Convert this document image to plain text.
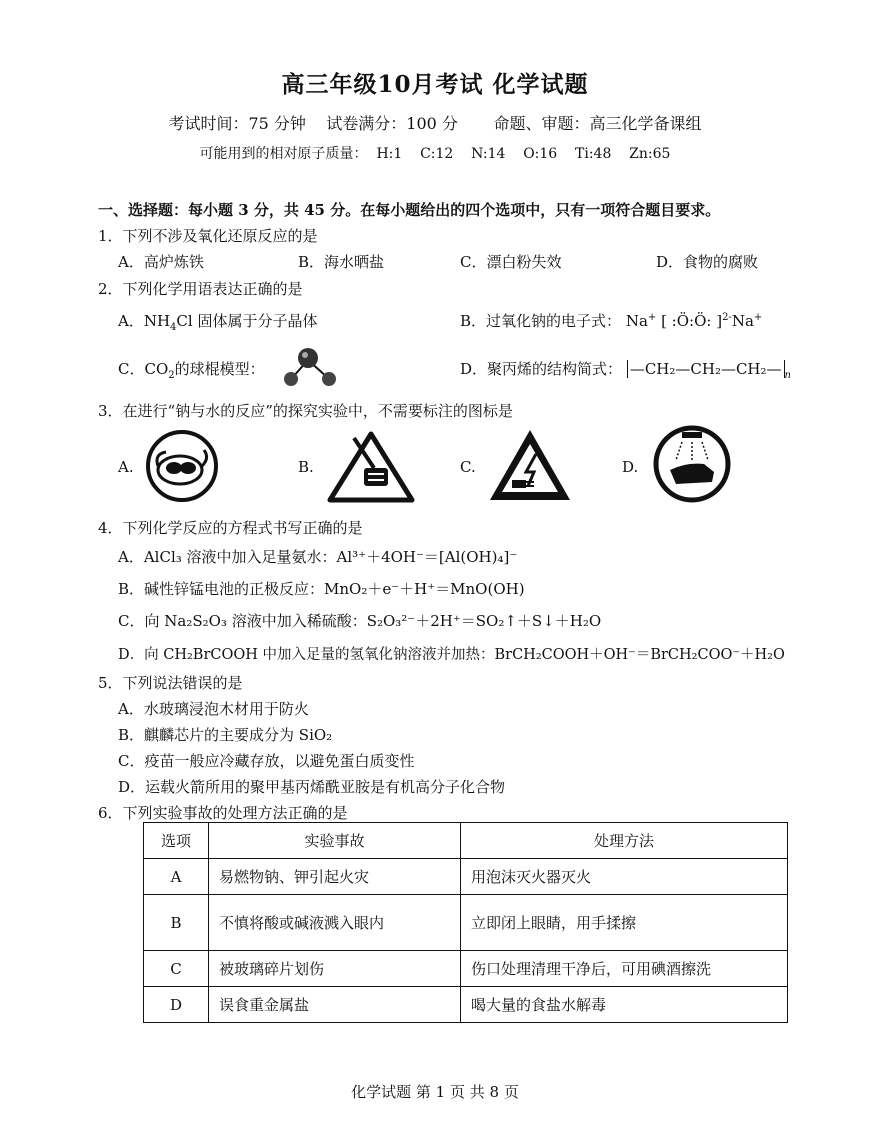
高三年级10月考试 化学试题
考试时间：75 分钟    试卷满分：100 分       命题、审题：高三化学备课组
可能用到的相对原子质量：  H:1    C:12    N:14    O:16    Ti:48    Zn:65
一、选择题：每小题 3 分，共 45 分。在每小题给出的四个选项中，只有一项符合题目要求。
1．下列不涉及氧化还原反应的是
A．高炉炼铁	B．海水晒盐	C．漂白粉失效	D．食物的腐败
2．下列化学用语表达正确的是
A．$NH_4Cl$ 固体属于分子晶体	B．过氧化钠的电子式： Na+ [ :Ö:Ö: ]$^{2-}$Na+
C．$CO_2$的球棍模型：	D．聚丙烯的结构简式： —CH₂—CH₂—CH₂— $_n$
3．在进行“钠与水的反应”的探究实验中，不需要标注的图标是
A.	B.	C.	D.
4．下列化学反应的方程式书写正确的是
A．AlCl₃ 溶液中加入足量氨水：Al³⁺＋4OH⁻＝[Al(OH)₄]⁻
B．碱性锌锰电池的正极反应：MnO₂＋e⁻＋H⁺＝MnO(OH)
C．向 Na₂S₂O₃ 溶液中加入稀硫酸：S₂O₃²⁻＋2H⁺＝SO₂↑＋S↓＋H₂O
D．向 CH₂BrCOOH 中加入足量的氢氧化钠溶液并加热：BrCH₂COOH＋OH⁻＝BrCH₂COO⁻＋H₂O
5．下列说法错误的是
A．水玻璃浸泡木材用于防火
B．麒麟芯片的主要成分为 SiO₂
C．疫苗一般应冷藏存放，以避免蛋白质变性
D．运载火箭所用的聚甲基丙烯酰亚胺是有机高分子化合物
6．下列实验事故的处理方法正确的是
选项	实验事故	处理方法
A	易燃物钠、钾引起火灾	用泡沫灭火器灭火
B	不慎将酸或碱液溅入眼内	立即闭上眼睛，用手揉擦
C	被玻璃碎片划伤	伤口处理清理干净后，可用碘酒擦洗
D	误食重金属盐	喝大量的食盐水解毒
化学试题 第 1 页 共 8 页
